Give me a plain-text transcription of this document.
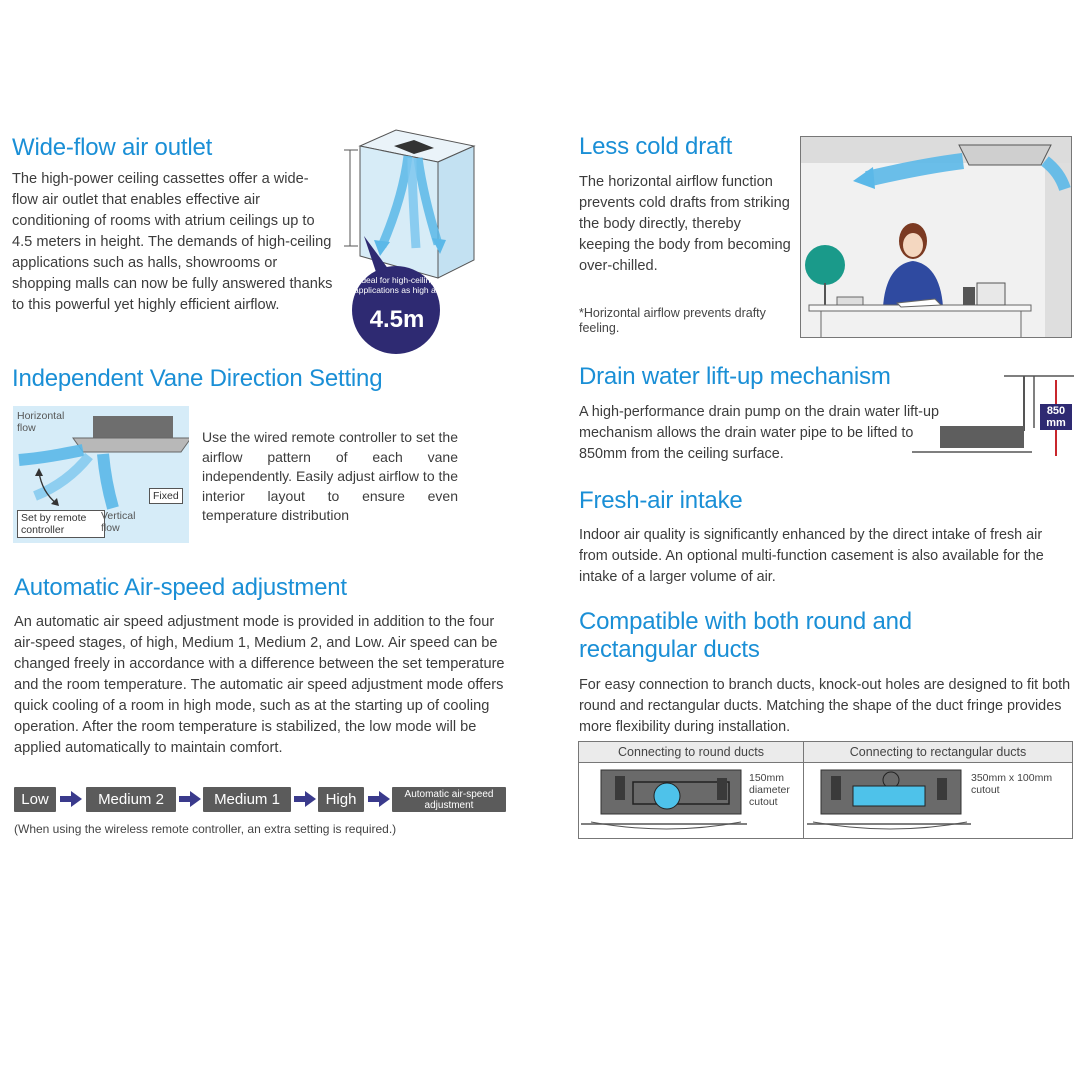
Wide-flow air outlet

The high-power ceiling cassettes offer a wide-flow air outlet that enables effective air conditioning of rooms with atrium ceilings up to 4.5 meters in height. The demands of high-ceiling applications such as halls, showrooms or shopping malls can now be fully answered thanks to this powerful yet highly efficient airflow.

Ideal for high-ceiling applications as high as
4.5m
Independent Vane Direction Setting
Horizontal flow
Fixed
Set by remote controller
Vertical flow

Use the wired remote controller to set the airflow pattern of each vane independently. Easily adjust airflow to the interior layout to ensure even temperature distribution

Automatic Air-speed adjustment

An automatic air speed adjustment mode is provided in addition to the four air-speed stages, of high, Medium 1, Medium 2, and Low. Air speed can be changed freely in accordance with a difference between the set temperature and the room temperature. The automatic air speed adjustment mode offers quick cooling of a room in high mode, such as at the starting up of cooling operation. After the room temperature is stabilized, the low mode will be applied automatically to maintain comfort.

Low	Medium 2	Medium 1	High	Automatic air-speed adjustment

(When using the wireless remote controller, an extra setting is required.)

Less cold draft

The horizontal airflow function prevents cold drafts from striking the body directly, thereby keeping the body from becoming over-chilled.

*Horizontal airflow prevents drafty feeling.

Drain water lift-up mechanism

A high-performance drain pump on the drain water lift-up mechanism allows the drain water pipe to be lifted to 850mm from the ceiling surface.

850
mm
Fresh-air intake

Indoor air quality is significantly enhanced by the direct intake of fresh air from outside. An optional multi-function casement is also available for the intake of a larger volume of air.

Compatible with both round and
rectangular ducts

For easy connection to branch ducts, knock-out holes are designed to fit both round and rectangular ducts. Matching the shape of the duct fringe provides more flexibility during installation.

Connecting to round ducts	Connecting to rectangular ducts
150mm diameter cutout
350mm x 100mm cutout
